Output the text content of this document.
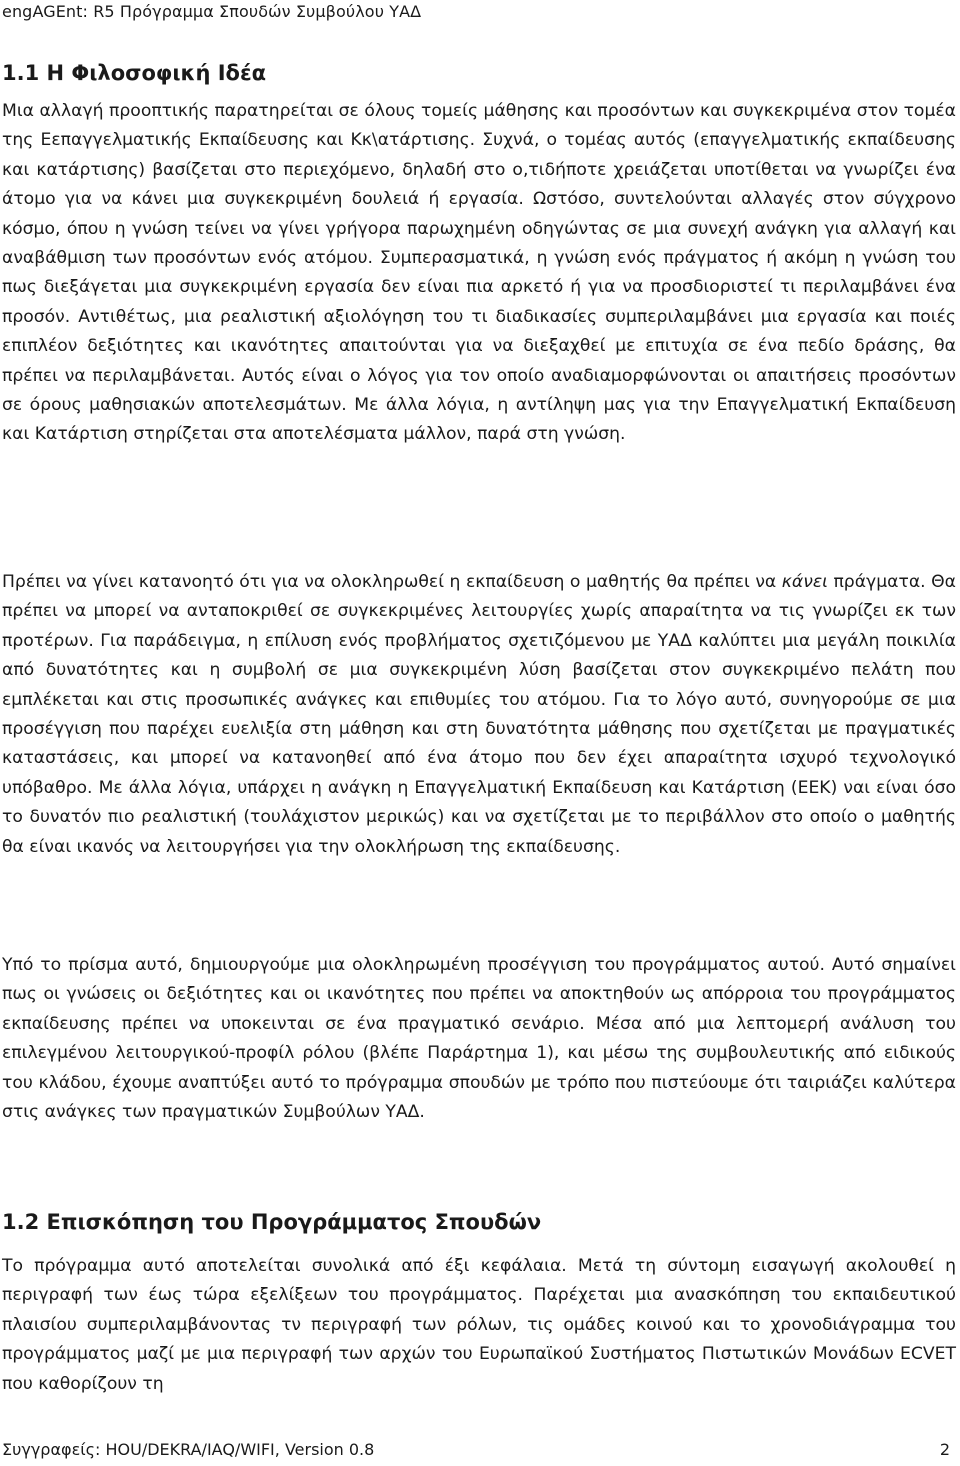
engAGEnt: R5 Πρόγραμμα Σπουδών Συμβούλου ΥΑΔ
1.1 Η Φιλοσοφική Ιδέα

Μια αλλαγή προοπτικής παρατηρείται σε όλους τομείς μάθησης και προσόντων και συγκεκριμένα στον τομέα της Εεπαγγελματικής Εκπαίδευσης και Κκ\ατάρτισης. Συχνά, ο τομέας αυτός (επαγγελματικής εκπαίδευσης και κατάρτισης) βασίζεται στο περιεχόμενο, δηλαδή στο ο,τιδήποτε χρειάζεται υποτίθεται να γνωρίζει ένα άτομο για να κάνει μια συγκεκριμένη δουλειά ή εργασία. Ωστόσο, συντελούνται αλλαγές στον σύγχρονο κόσμο, όπου η γνώση τείνει να γίνει γρήγορα παρωχημένη οδηγώντας σε μια συνεχή ανάγκη για αλλαγή και αναβάθμιση των προσόντων ενός ατόμου. Συμπερασματικά, η γνώση ενός πράγματος ή ακόμη η γνώση του πως διεξάγεται μια συγκεκριμένη εργασία δεν είναι πια αρκετό ή για να προσδιοριστεί τι περιλαμβάνει ένα προσόν. Αντιθέτως, μια ρεαλιστική αξιολόγηση του τι διαδικασίες συμπεριλαμβάνει μια εργασία και ποιές επιπλέον δεξιότητες και ικανότητες απαιτούνται για να διεξαχθεί με επιτυχία σε ένα πεδίο δράσης, θα πρέπει να περιλαμβάνεται. Αυτός είναι ο λόγος για τον οποίο αναδιαμορφώνονται οι απαιτήσεις προσόντων σε όρους μαθησιακών αποτελεσμάτων. Με άλλα λόγια, η αντίληψη μας για την Επαγγελματική Εκπαίδευση και Κατάρτιση στηρίζεται στα αποτελέσματα μάλλον, παρά στη γνώση.

Πρέπει να γίνει κατανοητό ότι για να ολοκληρωθεί η εκπαίδευση ο μαθητής θα πρέπει να κάνει πράγματα. Θα πρέπει να μπορεί να ανταποκριθεί σε συγκεκριμένες λειτουργίες χωρίς απαραίτητα να τις γνωρίζει εκ των προτέρων. Για παράδειγμα, η επίλυση ενός προβλήματος σχετιζόμενου με ΥΑΔ καλύπτει μια μεγάλη ποικιλία από δυνατότητες και η συμβολή σε μια συγκεκριμένη λύση βασίζεται στον συγκεκριμένο πελάτη που εμπλέκεται και στις προσωπικές ανάγκες και επιθυμίες του ατόμου. Για το λόγο αυτό, συνηγορούμε σε μια προσέγγιση που παρέχει ευελιξία στη μάθηση και στη δυνατότητα μάθησης που σχετίζεται με πραγματικές καταστάσεις, και μπορεί να κατανοηθεί από ένα άτομο που δεν έχει απαραίτητα ισχυρό τεχνολογικό υπόβαθρο. Με άλλα λόγια, υπάρχει η ανάγκη η Επαγγελματική Εκπαίδευση και Κατάρτιση (ΕΕΚ) ναι είναι όσο το δυνατόν πιο ρεαλιστική (τουλάχιστον μερικώς) και να σχετίζεται με το περιβάλλον στο οποίο ο μαθητής θα είναι ικανός να λειτουργήσει για την ολοκλήρωση της εκπαίδευσης.

Υπό το πρίσμα αυτό, δημιουργούμε μια ολοκληρωμένη προσέγγιση του προγράμματος αυτού. Αυτό σημαίνει πως οι γνώσεις οι δεξιότητες και οι ικανότητες που πρέπει να αποκτηθούν ως απόρροια του προγράμματος εκπαίδευσης πρέπει να υποκεινται σε ένα πραγματικό σενάριο. Μέσα από μια λεπτομερή ανάλυση του επιλεγμένου λειτουργικού-προφίλ ρόλου (βλέπε Παράρτημα 1), και μέσω της συμβουλευτικής από ειδικούς του κλάδου, έχουμε αναπτύξει αυτό το πρόγραμμα σπουδών με τρόπο που πιστεύουμε ότι ταιριάζει καλύτερα στις ανάγκες των πραγματικών Συμβούλων ΥΑΔ.

1.2 Επισκόπηση του Προγράμματος Σπουδών

Το πρόγραμμα αυτό αποτελείται συνολικά από έξι κεφάλαια. Μετά τη σύντομη εισαγωγή ακολουθεί η περιγραφή των έως τώρα εξελίξεων του προγράμματος. Παρέχεται μια ανασκόπηση του εκπαιδευτικού πλαισίου συμπεριλαμβάνοντας τν περιγραφή των ρόλων, τις ομάδες κοινού και το χρονοδιάγραμμα του προγράμματος μαζί με μια περιγραφή των αρχών του Ευρωπαϊκού Συστήματος Πιστωτικών Μονάδων ECVET που καθορίζουν τη

Συγγραφείς: HOU/DEKRA/IAQ/WIFI, Version 0.8	2
